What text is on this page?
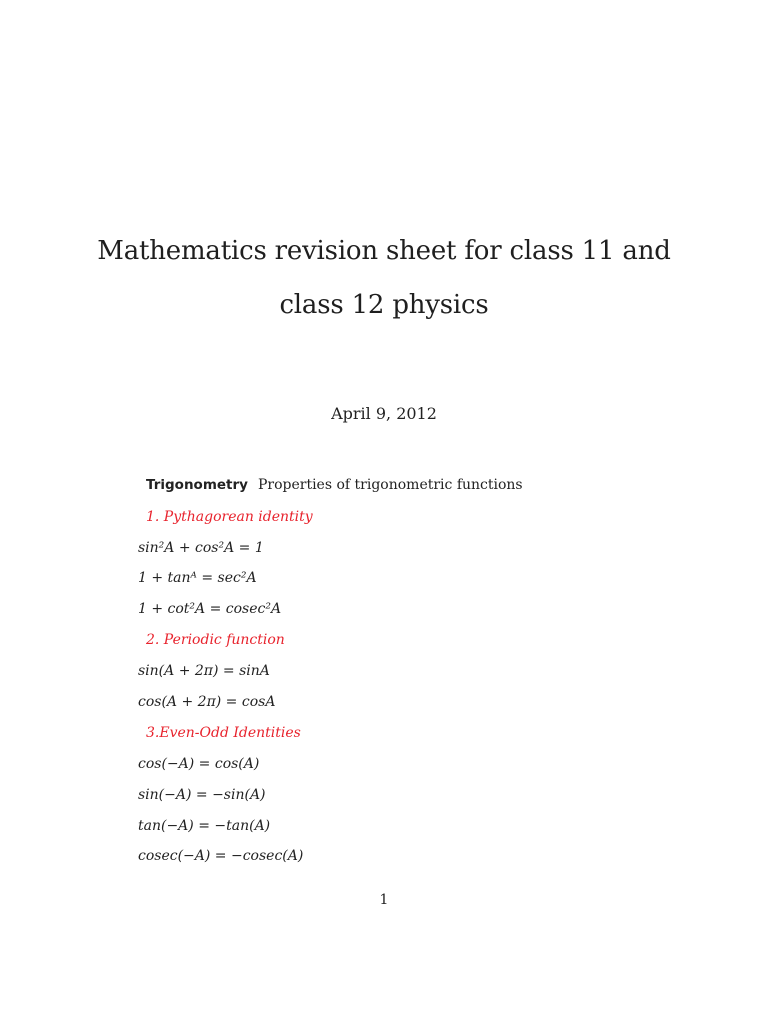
Mathematics revision sheet for class 11 and
class 12 physics
April 9, 2012
Trigonometry Properties of trigonometric functions
1. Pythagorean identity
sin²A + cos²A = 1
1 + tanᴬ = sec²A
1 + cot²A = cosec²A
2. Periodic function
sin(A + 2π) = sinA
cos(A + 2π) = cosA
3.Even-Odd Identities
cos(−A) = cos(A)
sin(−A) = −sin(A)
tan(−A) = −tan(A)
cosec(−A) = −cosec(A)
1
